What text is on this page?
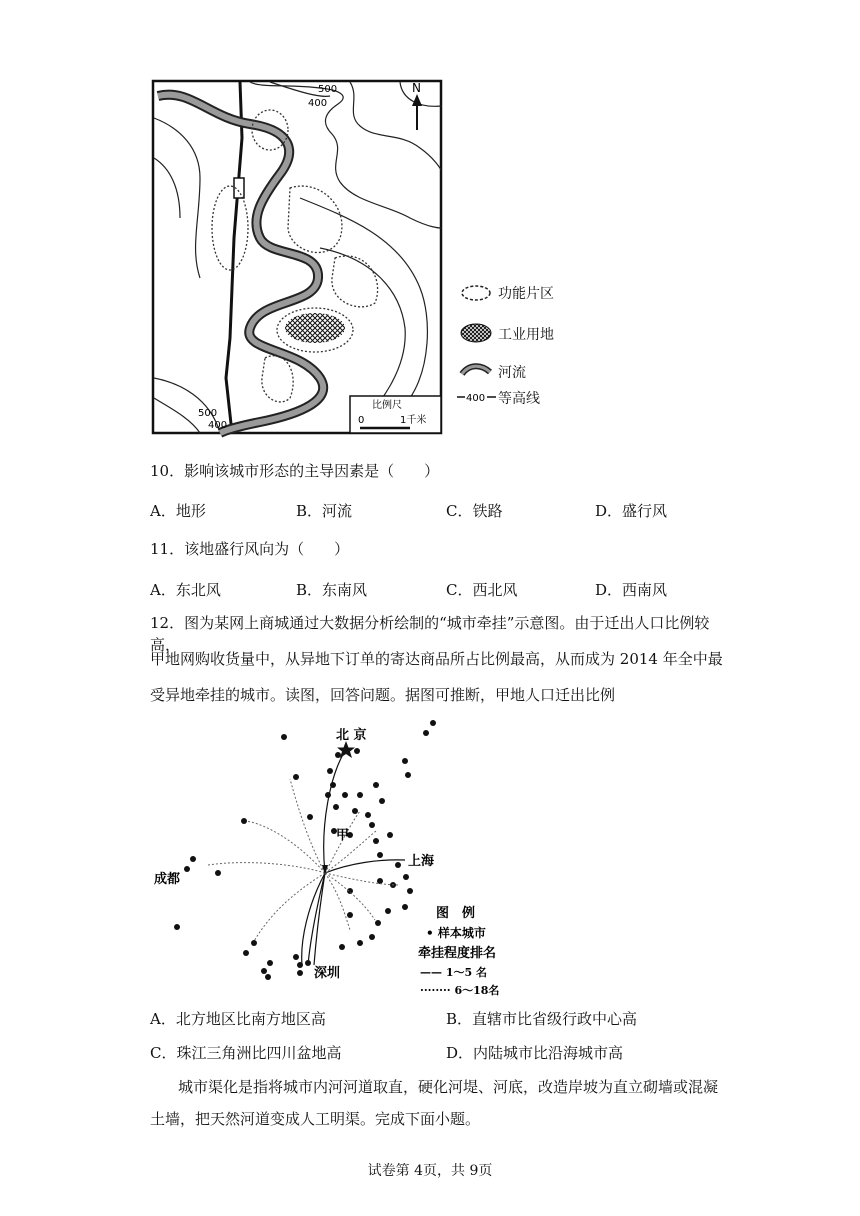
N
500
400
500
400
比例尺
0	1千米
功能片区
工业用地
河流
400 等高线
10．影响该城市形态的主导因素是（　　）
A．地形	B．河流	C．铁路	D．盛行风
11．该地盛行风向为（　　）
A．东北风	B．东南风	C．西北风	D．西南风
12．图为某网上商城通过大数据分析绘制的“城市牵挂”示意图。由于迁出人口比例较高，
甲地网购收货量中，从异地下订单的寄达商品所占比例最高，从而成为 2014 年全中最
受异地牵挂的城市。读图，回答问题。据图可推断，甲地人口迁出比例
北 京
甲
上海
成都
深圳
图　例
• 样本城市
牵挂程度排名
—— 1～5 名
········ 6～18名
A．北方地区比南方地区高	B．直辖市比省级行政中心高
C．珠江三角洲比四川盆地高	D．内陆城市比沿海城市高
城市渠化是指将城市内河河道取直，硬化河堤、河底，改造岸坡为直立砌墙或混凝
土墙，把天然河道变成人工明渠。完成下面小题。
试卷第 4页，共 9页
